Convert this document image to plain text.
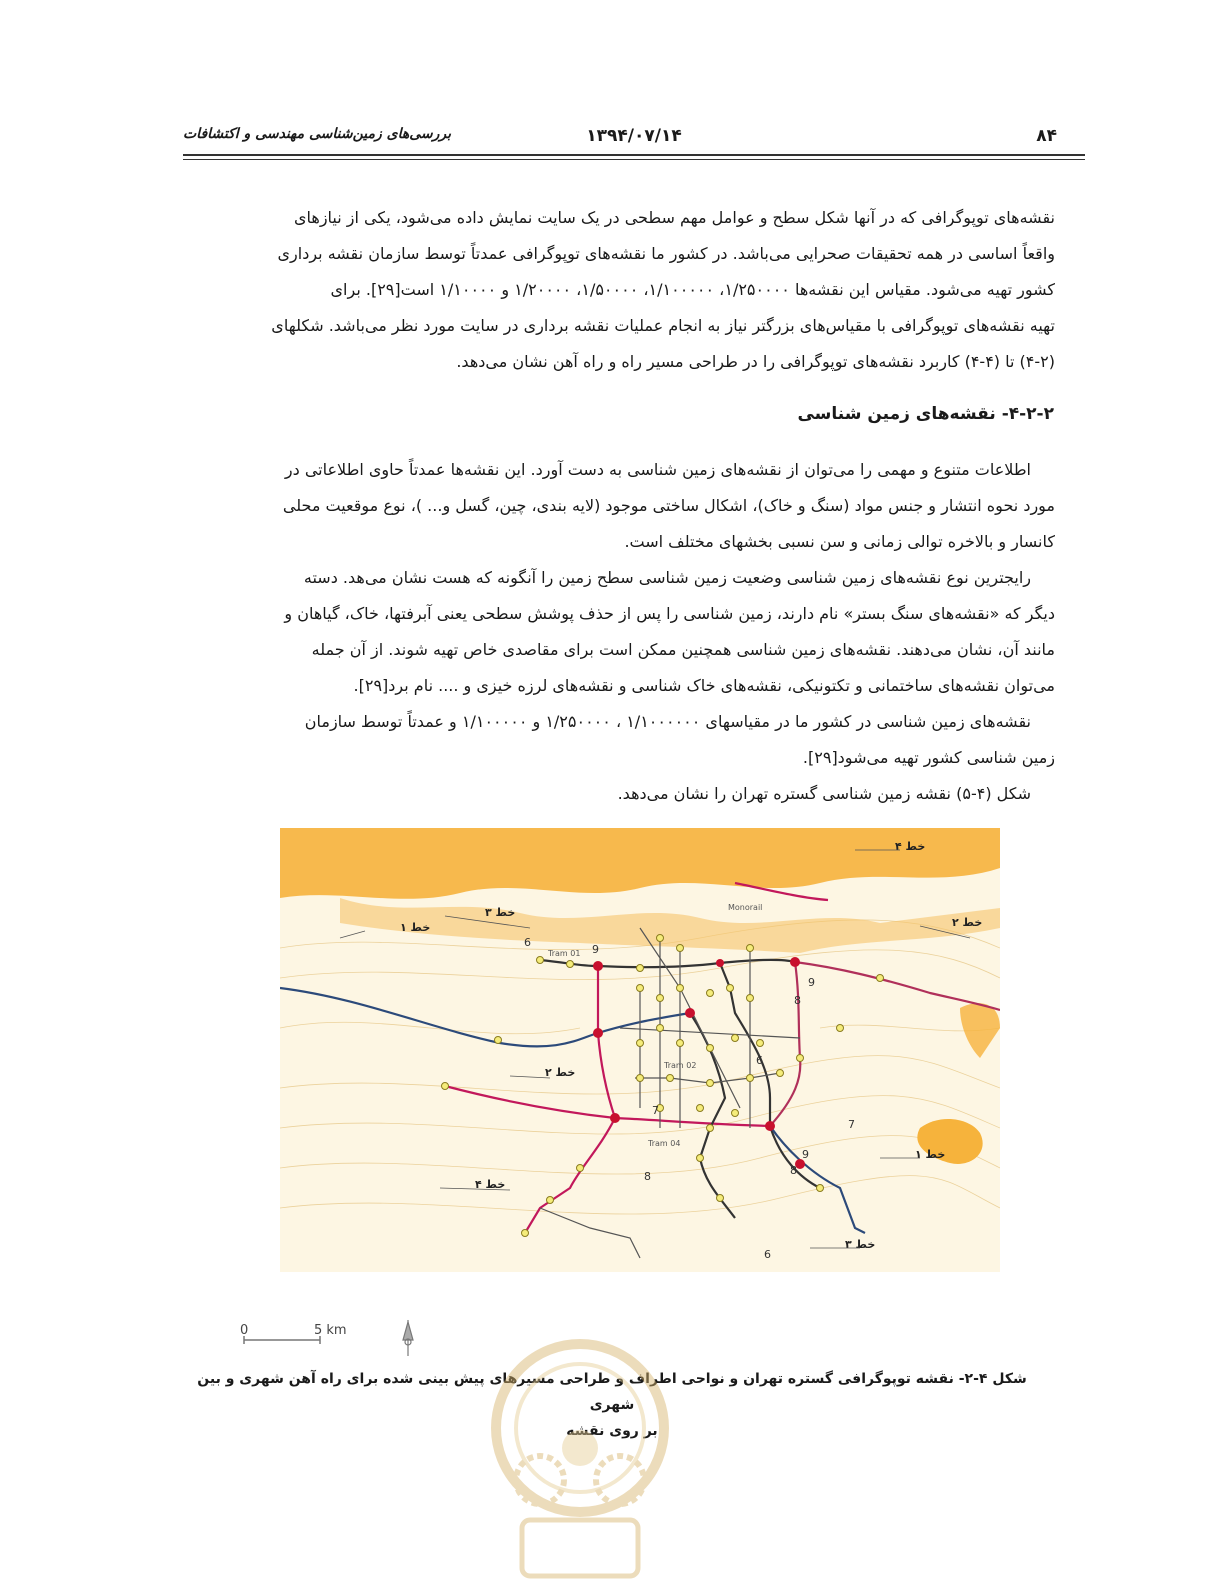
۸۴
۱۳۹۴/۰۷/۱۴
بررسی‌های زمین‌شناسی مهندسی و اکتشافات

نقشه‌های توپوگرافی که در آنها شکل سطح و عوامل مهم سطحی در یک سایت نمایش داده می‌شود، یکی از نیازهای

واقعاً اساسی در همه تحقیقات صحرایی می‌باشد. در کشور ما نقشه‌های توپوگرافی عمدتاً توسط سازمان نقشه برداری

کشور تهیه می‌شود. مقیاس این نقشه‌ها ۱/۲۵۰۰۰۰، ۱/۱۰۰۰۰۰، ۱/۵۰۰۰۰، ۱/۲۰۰۰۰ و ۱/۱۰۰۰۰ است[۲۹]. برای

تهیه نقشه‌های توپوگرافی با مقیاس‌های بزرگتر نیاز به انجام عملیات نقشه برداری در سایت مورد نظر می‌باشد. شکلهای

(۴-۲) تا (۴-۴) کاربرد نقشه‌های توپوگرافی را در طراحی مسیر راه و راه آهن نشان می‌دهد.

۴-۲-۲- نقشه‌های زمین شناسی

اطلاعات متنوع و مهمی را می‌توان از نقشه‌های زمین شناسی به دست آورد. این نقشه‌ها عمدتاً حاوی اطلاعاتی در

مورد نحوه انتشار و جنس مواد (سنگ و خاک)، اشکال ساختی موجود (لایه بندی، چین، گسل و... )، نوع موقعیت محلی

کانسار و بالاخره توالی زمانی و سن نسبی بخشهای مختلف است.

رایجترین نوع نقشه‌های زمین شناسی وضعیت زمین شناسی سطح زمین را آنگونه که هست نشان می‌هد. دسته

دیگر که «نقشه‌های سنگ بستر» نام دارند، زمین شناسی را پس از حذف پوشش سطحی یعنی آبرفتها، خاک، گیاهان و

مانند آن، نشان می‌دهند. نقشه‌های زمین شناسی همچنین ممکن است برای مقاصدی خاص تهیه شوند. از آن جمله

می‌توان نقشه‌های ساختمانی و تکتونیکی، نقشه‌های خاک شناسی و نقشه‌های لرزه خیزی و .... نام برد[۲۹].

نقشه‌های زمین شناسی در کشور ما در مقیاسهای ۱/۱۰۰۰۰۰۰ ، ۱/۲۵۰۰۰۰ و ۱/۱۰۰۰۰۰ و عمدتاً توسط سازمان

زمین شناسی کشور تهیه می‌شود[۲۹].

شکل (۴-۵) نقشه زمین شناسی گستره تهران را نشان می‌دهد.

خط ۴
خط ۳
خط ۱	خط ۲
خط ۲
خط ۴
خط ۱
خط ۳
6
9
9
8
6
7
7
8
9
8
6
Monorail
Tram 01
Tram 02
Tram 04
0	5 km
شکل ۴-۲- نقشه توپوگرافی گستره تهران و نواحی اطراف و طراحی مسیرهای پیش بینی شده برای راه آهن شهری و بین شهری
بر روی نقشه
